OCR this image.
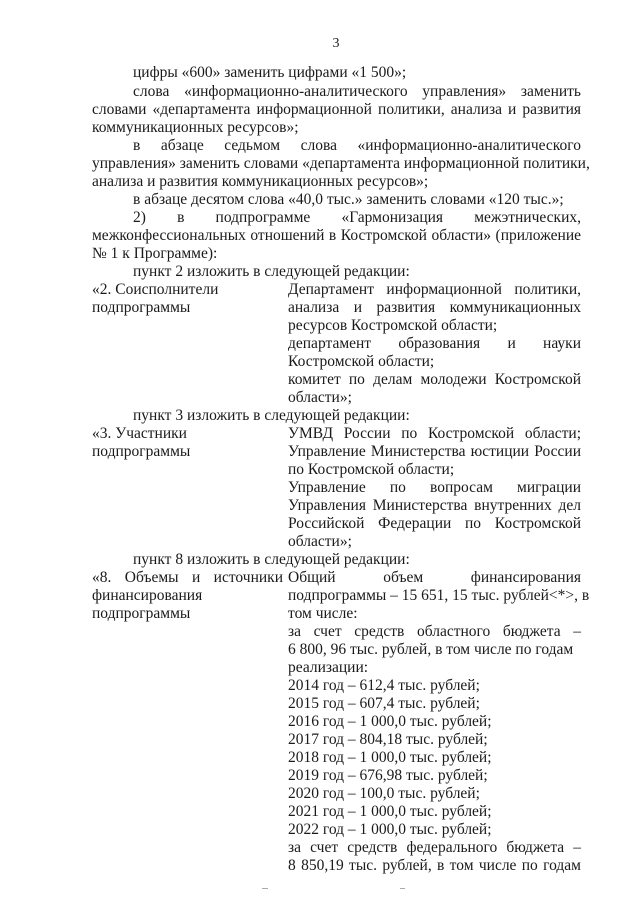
3
цифры «600» заменить цифрами «1 500»;
слова «информационно-аналитического управления» заменить
словами «департамента информационной политики, анализа и развития
коммуникационных ресурсов»;
в абзаце седьмом слова «информационно-аналитического
управления» заменить словами «департамента информационной политики,
анализа и развития коммуникационных ресурсов»;
в абзаце десятом слова «40,0 тыс.» заменить словами «120 тыс.»;
2) в подпрограмме «Гармонизация межэтнических,
межконфессиональных отношений в Костромской области» (приложение
№ 1 к Программе):
пункт 2 изложить в следующей редакции:
«2. Соисполнители
подпрограммы
Департамент информационной политики,
анализа и развития коммуникационных
ресурсов Костромской области;
департамент образования и науки
Костромской области;
комитет по делам молодежи Костромской
области»;
пункт 3 изложить в следующей редакции:
«3. Участники
подпрограммы
УМВД России по Костромской области;
Управление Министерства юстиции России
по Костромской области;
Управление по вопросам миграции
Управления Министерства внутренних дел
Российской Федерации по Костромской
области»;
пункт 8 изложить в следующей редакции:
«8. Объемы и источники
финансирования
подпрограммы
Общий объем финансирования
подпрограммы – 15 651, 15 тыс. рублей<*>, в
том числе:
за счет средств областного бюджета –
6 800, 96 тыс. рублей, в том числе по годам
реализации:
2014 год – 612,4 тыс. рублей;
2015 год – 607,4 тыс. рублей;
2016 год – 1 000,0 тыс. рублей;
2017 год – 804,18 тыс. рублей;
2018 год – 1 000,0 тыс. рублей;
2019 год – 676,98 тыс. рублей;
2020 год – 100,0 тыс. рублей;
2021 год – 1 000,0 тыс. рублей;
2022 год – 1 000,0 тыс. рублей;
за счет средств федерального бюджета –
8 850,19 тыс. рублей, в том числе по годам
